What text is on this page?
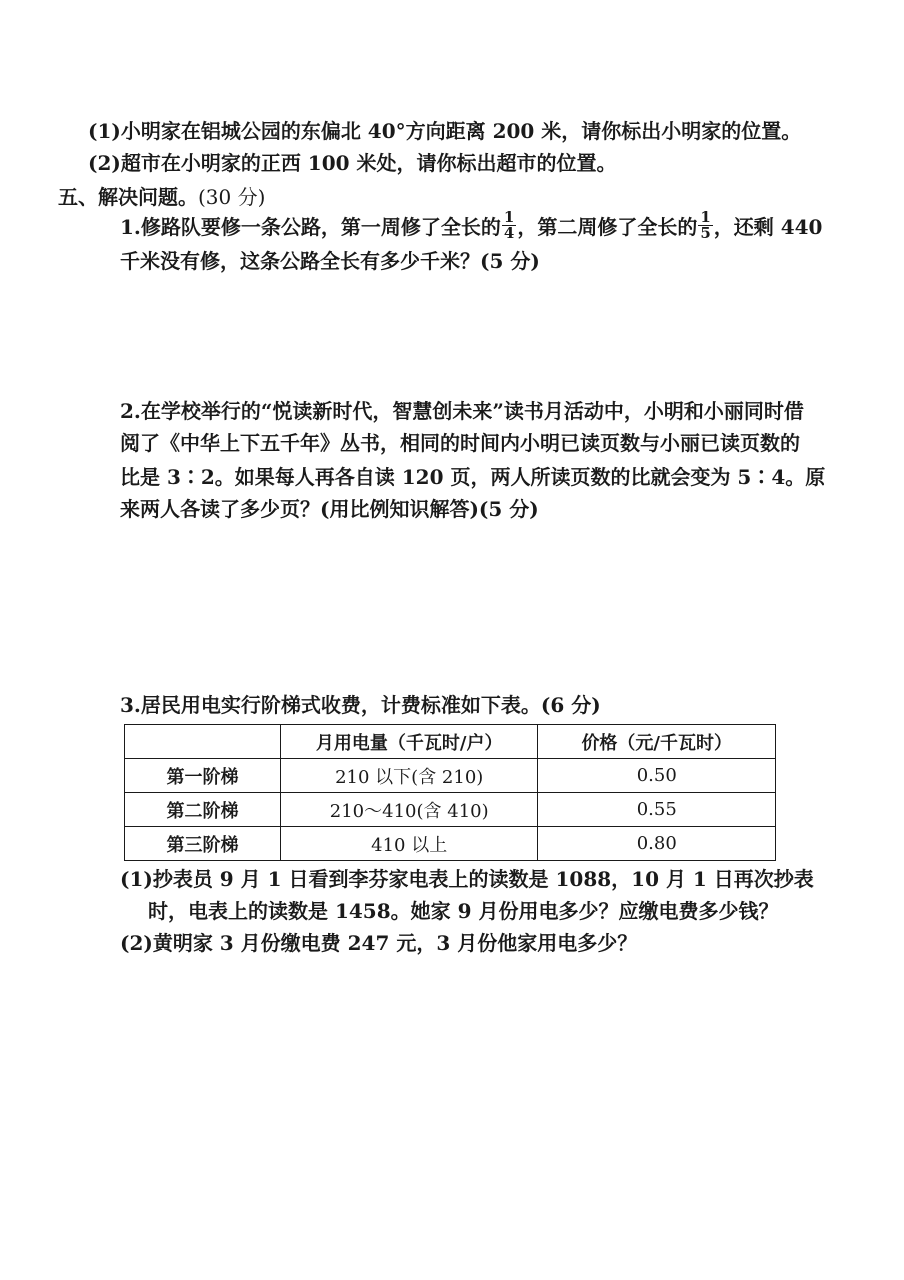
(1)小明家在铝城公园的东偏北 40°方向距离 200 米，请你标出小明家的位置。
(2)超市在小明家的正西 100 米处，请你标出超市的位置。
五、解决问题。(30 分)
1.修路队要修一条公路，第一周修了全长的 $\frac{1}{4}$ ，第二周修了全长的 $\frac{1}{5}$ ，还剩 440
千米没有修，这条公路全长有多少千米？(5 分)
2.在学校举行的“悦读新时代，智慧创未来”读书月活动中，小明和小丽同时借
阅了《中华上下五千年》丛书，相同的时间内小明已读页数与小丽已读页数的
比是 3∶2。如果每人再各自读 120 页，两人所读页数的比就会变为 5∶4。原
来两人各读了多少页？(用比例知识解答)(5 分)
3.居民用电实行阶梯式收费，计费标准如下表。(6 分)
	月用电量（千瓦时/户）	价格（元/千瓦时）
第一阶梯	210 以下(含 210)	0.50
第二阶梯	210～410(含 410)	0.55
第三阶梯	410 以上	0.80
(1)抄表员 9 月 1 日看到李芬家电表上的读数是 1088，10 月 1 日再次抄表
时，电表上的读数是 1458。她家 9 月份用电多少？应缴电费多少钱？
(2)黄明家 3 月份缴电费 247 元，3 月份他家用电多少？
